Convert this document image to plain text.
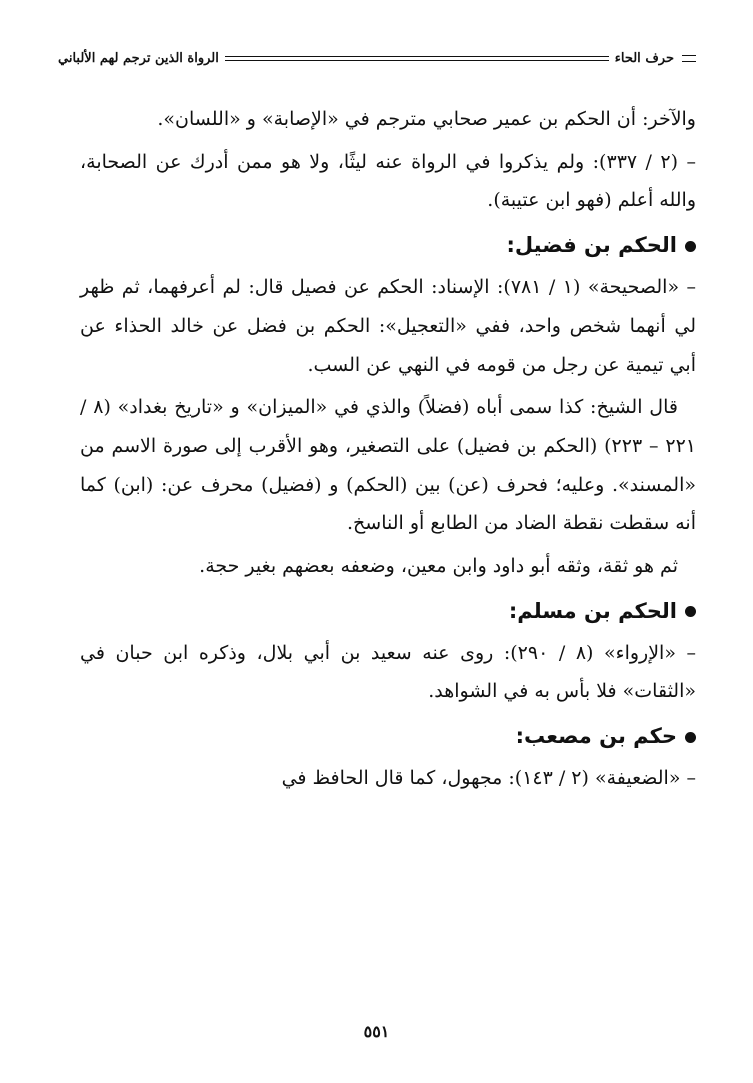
حرف الحاء
الرواة الذين ترجم لهم الألباني

والآخر: أن الحكم بن عمير صحابي مترجم في «الإصابة» و «اللسان».

– (٢ / ٣٣٧): ولم يذكروا في الرواة عنه ليثًا، ولا هو ممن أدرك عن الصحابة، والله أعلم (فهو ابن عتيبة).

الحكم بن فضيل:

– «الصحيحة» (١ / ٧٨١): الإسناد: الحكم عن فصيل قال: لم أعرفهما، ثم ظهر لي أنهما شخص واحد، ففي «التعجيل»: الحكم بن فضل عن خالد الحذاء عن أبي تيمية عن رجل من قومه في النهي عن السب.

قال الشيخ: كذا سمى أباه (فضلاً) والذي في «الميزان» و «تاريخ بغداد» (٨ / ٢٢١ – ٢٢٣) (الحكم بن فضيل) على التصغير، وهو الأقرب إلى صورة الاسم من «المسند». وعليه؛ فحرف (عن) بين (الحكم) و (فضيل) محرف عن: (ابن) كما أنه سقطت نقطة الضاد من الطابع أو الناسخ.

ثم هو ثقة، وثقه أبو داود وابن معين، وضعفه بعضهم بغير حجة.

الحكم بن مسلم:

– «الإرواء» (٨ / ٢٩٠): روى عنه سعيد بن أبي بلال، وذكره ابن حبان في «الثقات» فلا بأس به في الشواهد.

حكم بن مصعب:

– «الضعيفة» (٢ / ١٤٣): مجهول، كما قال الحافظ في

٥٥١
